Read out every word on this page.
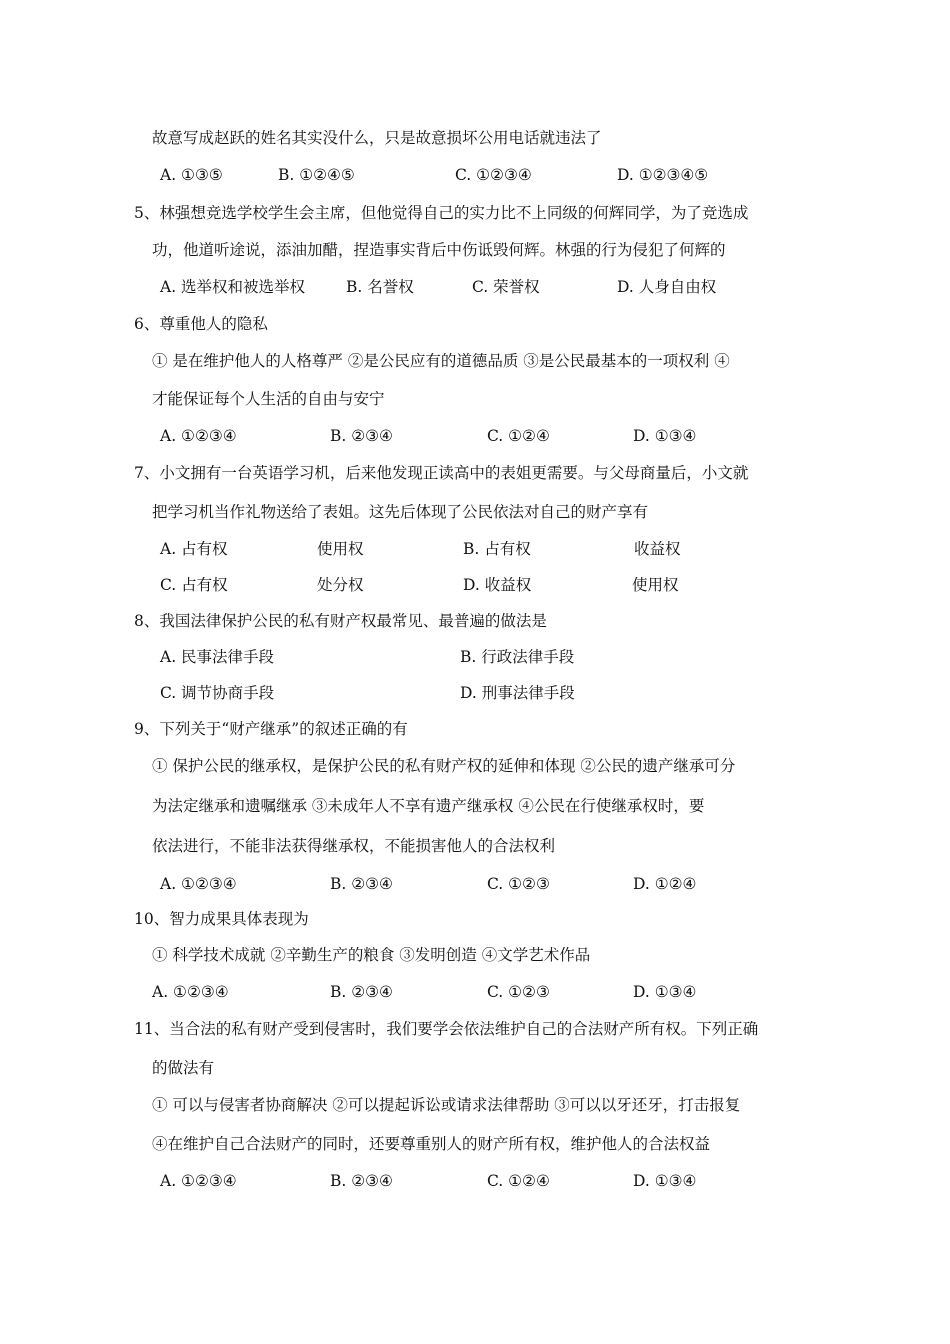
故意写成赵跃的姓名其实没什么，只是故意损坏公用电话就违法了
A. ①③⑤	B. ①②④⑤	C. ①②③④	D. ①②③④⑤
5、林强想竞选学校学生会主席，但他觉得自己的实力比不上同级的何辉同学，为了竞选成
功，他道听途说，添油加醋，捏造事实背后中伤诋毁何辉。林强的行为侵犯了何辉的
A. 选举权和被选举权	B. 名誉权	C. 荣誉权	D. 人身自由权
6、尊重他人的隐私
① 是在维护他人的人格尊严 ②是公民应有的道德品质 ③是公民最基本的一项权利 ④
才能保证每个人生活的自由与安宁
A. ①②③④	B. ②③④	C. ①②④	D. ①③④
7、小文拥有一台英语学习机，后来他发现正读高中的表姐更需要。与父母商量后，小文就
把学习机当作礼物送给了表姐。这先后体现了公民依法对自己的财产享有
A. 占有权	使用权	B. 占有权	收益权
C. 占有权	处分权	D. 收益权	使用权
8、我国法律保护公民的私有财产权最常见、最普遍的做法是
A. 民事法律手段	B. 行政法律手段
C. 调节协商手段	D. 刑事法律手段
9、下列关于“财产继承”的叙述正确的有
① 保护公民的继承权，是保护公民的私有财产权的延伸和体现 ②公民的遗产继承可分
为法定继承和遗嘱继承 ③未成年人不享有遗产继承权 ④公民在行使继承权时，要
依法进行，不能非法获得继承权，不能损害他人的合法权利
A. ①②③④	B. ②③④	C. ①②③	D. ①②④
10、智力成果具体表现为
① 科学技术成就 ②辛勤生产的粮食 ③发明创造 ④文学艺术作品
A. ①②③④	B. ②③④	C. ①②③	D. ①③④
11、当合法的私有财产受到侵害时，我们要学会依法维护自己的合法财产所有权。下列正确
的做法有
① 可以与侵害者协商解决 ②可以提起诉讼或请求法律帮助 ③可以以牙还牙，打击报复
④在维护自己合法财产的同时，还要尊重别人的财产所有权，维护他人的合法权益
A. ①②③④	B. ②③④	C. ①②④	D. ①③④
